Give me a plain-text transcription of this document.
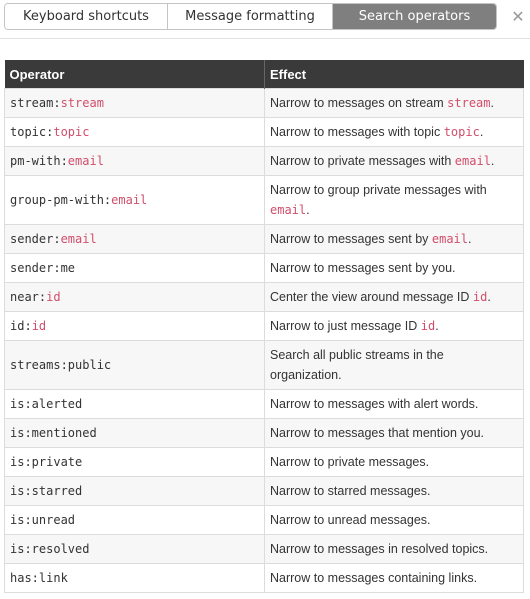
Keyboard shortcuts	Message formatting	Search operators	✕
Operator	Effect
stream:stream	Narrow to messages on stream stream.
topic:topic	Narrow to messages with topic topic.
pm-with:email	Narrow to private messages with email.
group-pm-with:email	Narrow to group private messages with email.
sender:email	Narrow to messages sent by email.
sender:me	Narrow to messages sent by you.
near:id	Center the view around message ID id.
id:id	Narrow to just message ID id.
streams:public	Search all public streams in the organization.
is:alerted	Narrow to messages with alert words.
is:mentioned	Narrow to messages that mention you.
is:private	Narrow to private messages.
is:starred	Narrow to starred messages.
is:unread	Narrow to unread messages.
is:resolved	Narrow to messages in resolved topics.
has:link	Narrow to messages containing links.
